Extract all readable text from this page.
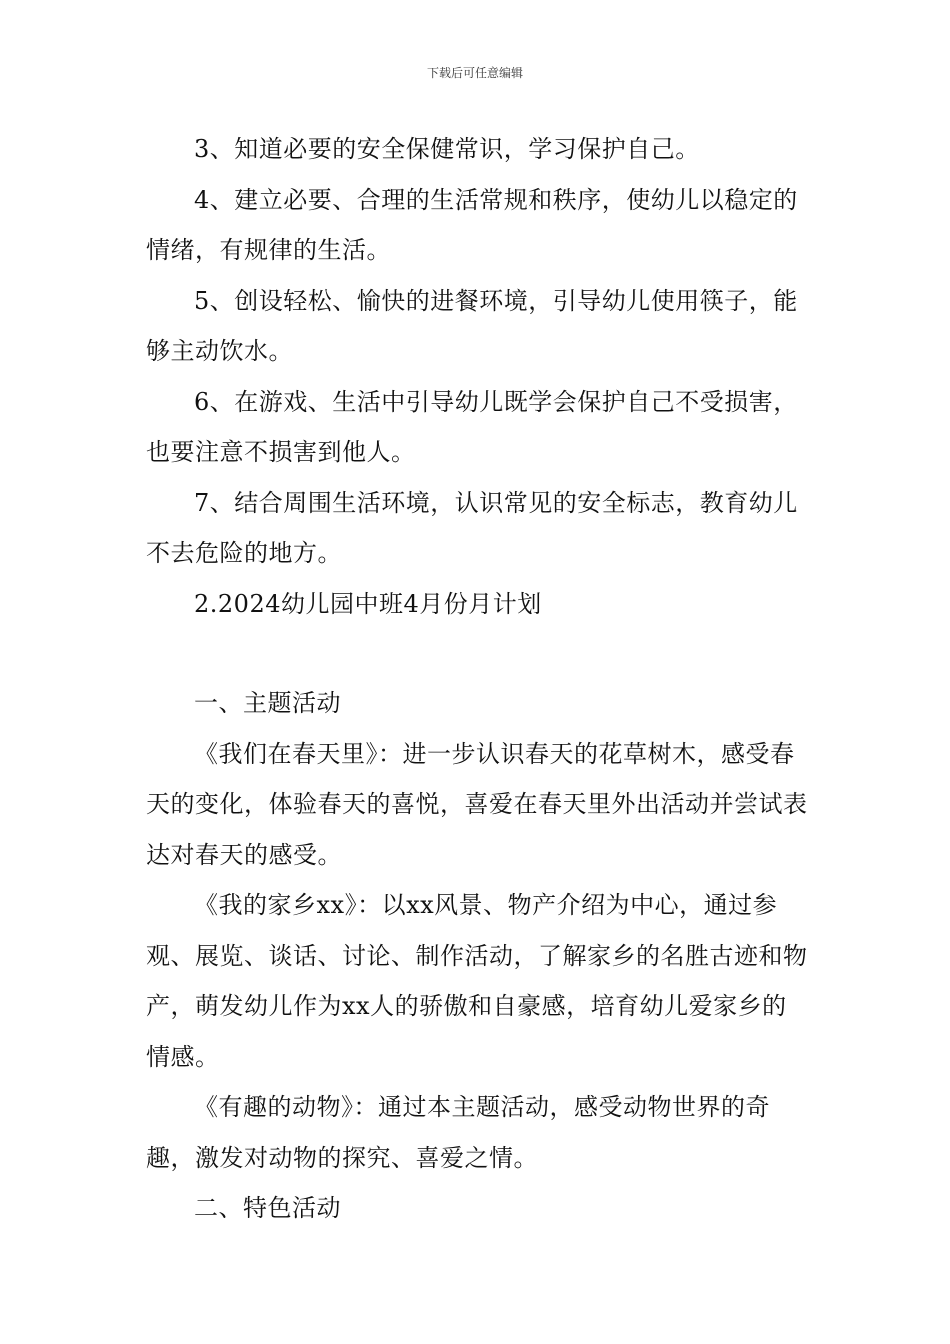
下载后可任意编辑

3、知道必要的安全保健常识，学习保护自己。

4、建立必要、合理的生活常规和秩序，使幼儿以稳定的情绪，有规律的生活。

5、创设轻松、愉快的进餐环境，引导幼儿使用筷子，能够主动饮水。

6、在游戏、生活中引导幼儿既学会保护自己不受损害，也要注意不损害到他人。

7、结合周围生活环境，认识常见的安全标志，教育幼儿不去危险的地方。

2.2024幼儿园中班4月份月计划

一、主题活动

《我们在春天里》：进一步认识春天的花草树木，感受春天的变化，体验春天的喜悦，喜爱在春天里外出活动并尝试表达对春天的感受。

《我的家乡xx》：以xx风景、物产介绍为中心，通过参观、展览、谈话、讨论、制作活动，了解家乡的名胜古迹和物产，萌发幼儿作为xx人的骄傲和自豪感，培育幼儿爱家乡的情感。

《有趣的动物》：通过本主题活动，感受动物世界的奇趣，激发对动物的探究、喜爱之情。

二、特色活动
